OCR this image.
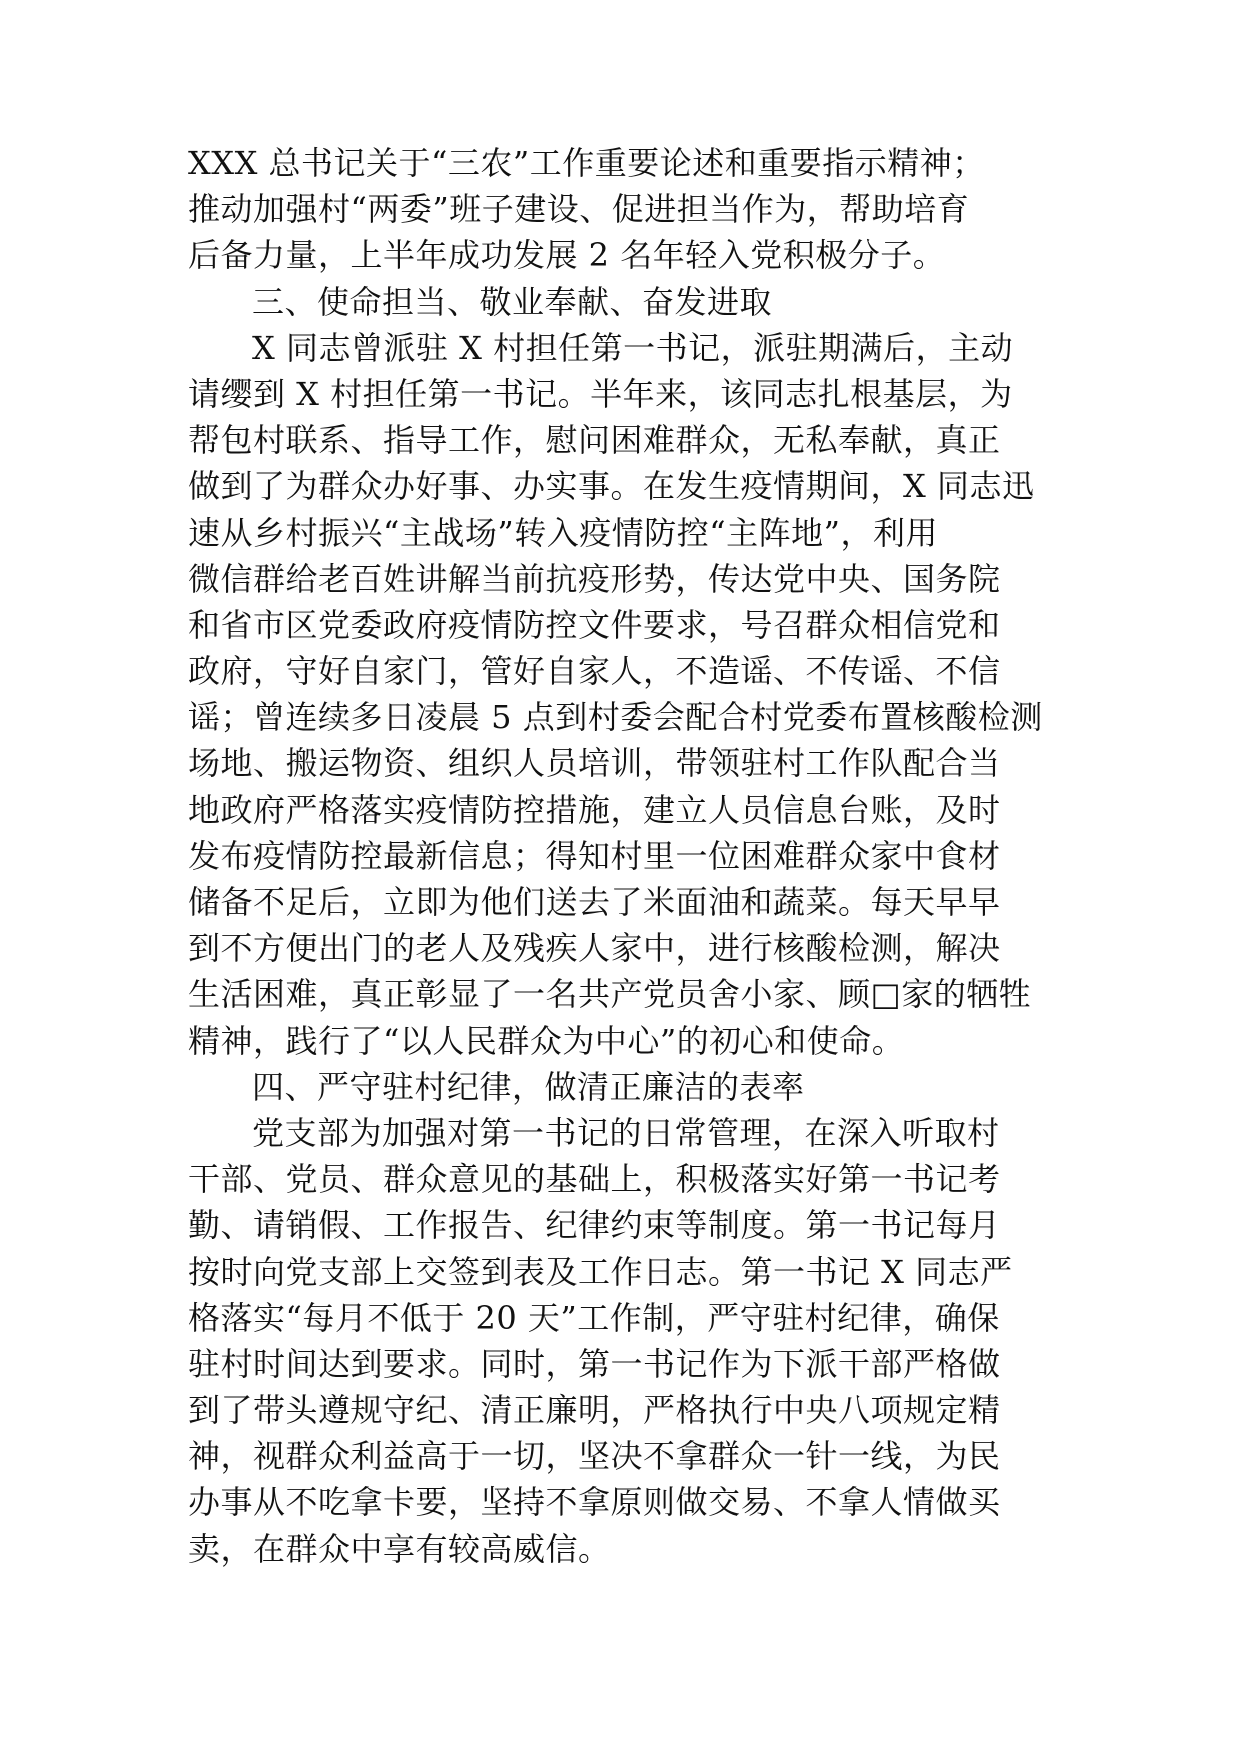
XXX 总书记关于“三农”工作重要论述和重要指示精神；
推动加强村“两委”班子建设、促进担当作为，帮助培育
后备力量，上半年成功发展 2 名年轻入党积极分子。
三、使命担当、敬业奉献、奋发进取
X 同志曾派驻 X 村担任第一书记，派驻期满后，主动
请缨到 X 村担任第一书记。半年来，该同志扎根基层，为
帮包村联系、指导工作，慰问困难群众，无私奉献，真正
做到了为群众办好事、办实事。在发生疫情期间，X 同志迅
速从乡村振兴“主战场”转入疫情防控“主阵地”，利用
微信群给老百姓讲解当前抗疫形势，传达党中央、国务院
和省市区党委政府疫情防控文件要求，号召群众相信党和
政府，守好自家门，管好自家人，不造谣、不传谣、不信
谣；曾连续多日凌晨 5 点到村委会配合村党委布置核酸检测
场地、搬运物资、组织人员培训，带领驻村工作队配合当
地政府严格落实疫情防控措施，建立人员信息台账，及时
发布疫情防控最新信息；得知村里一位困难群众家中食材
储备不足后，立即为他们送去了米面油和蔬菜。每天早早
到不方便出门的老人及残疾人家中，进行核酸检测，解决
生活困难，真正彰显了一名共产党员舍小家、顾□家的牺牲
精神，践行了“以人民群众为中心”的初心和使命。
四、严守驻村纪律，做清正廉洁的表率
党支部为加强对第一书记的日常管理，在深入听取村
干部、党员、群众意见的基础上，积极落实好第一书记考
勤、请销假、工作报告、纪律约束等制度。第一书记每月
按时向党支部上交签到表及工作日志。第一书记 X 同志严
格落实“每月不低于 20 天”工作制，严守驻村纪律，确保
驻村时间达到要求。同时，第一书记作为下派干部严格做
到了带头遵规守纪、清正廉明，严格执行中央八项规定精
神，视群众利益高于一切，坚决不拿群众一针一线，为民
办事从不吃拿卡要，坚持不拿原则做交易、不拿人情做买
卖，在群众中享有较高威信。
